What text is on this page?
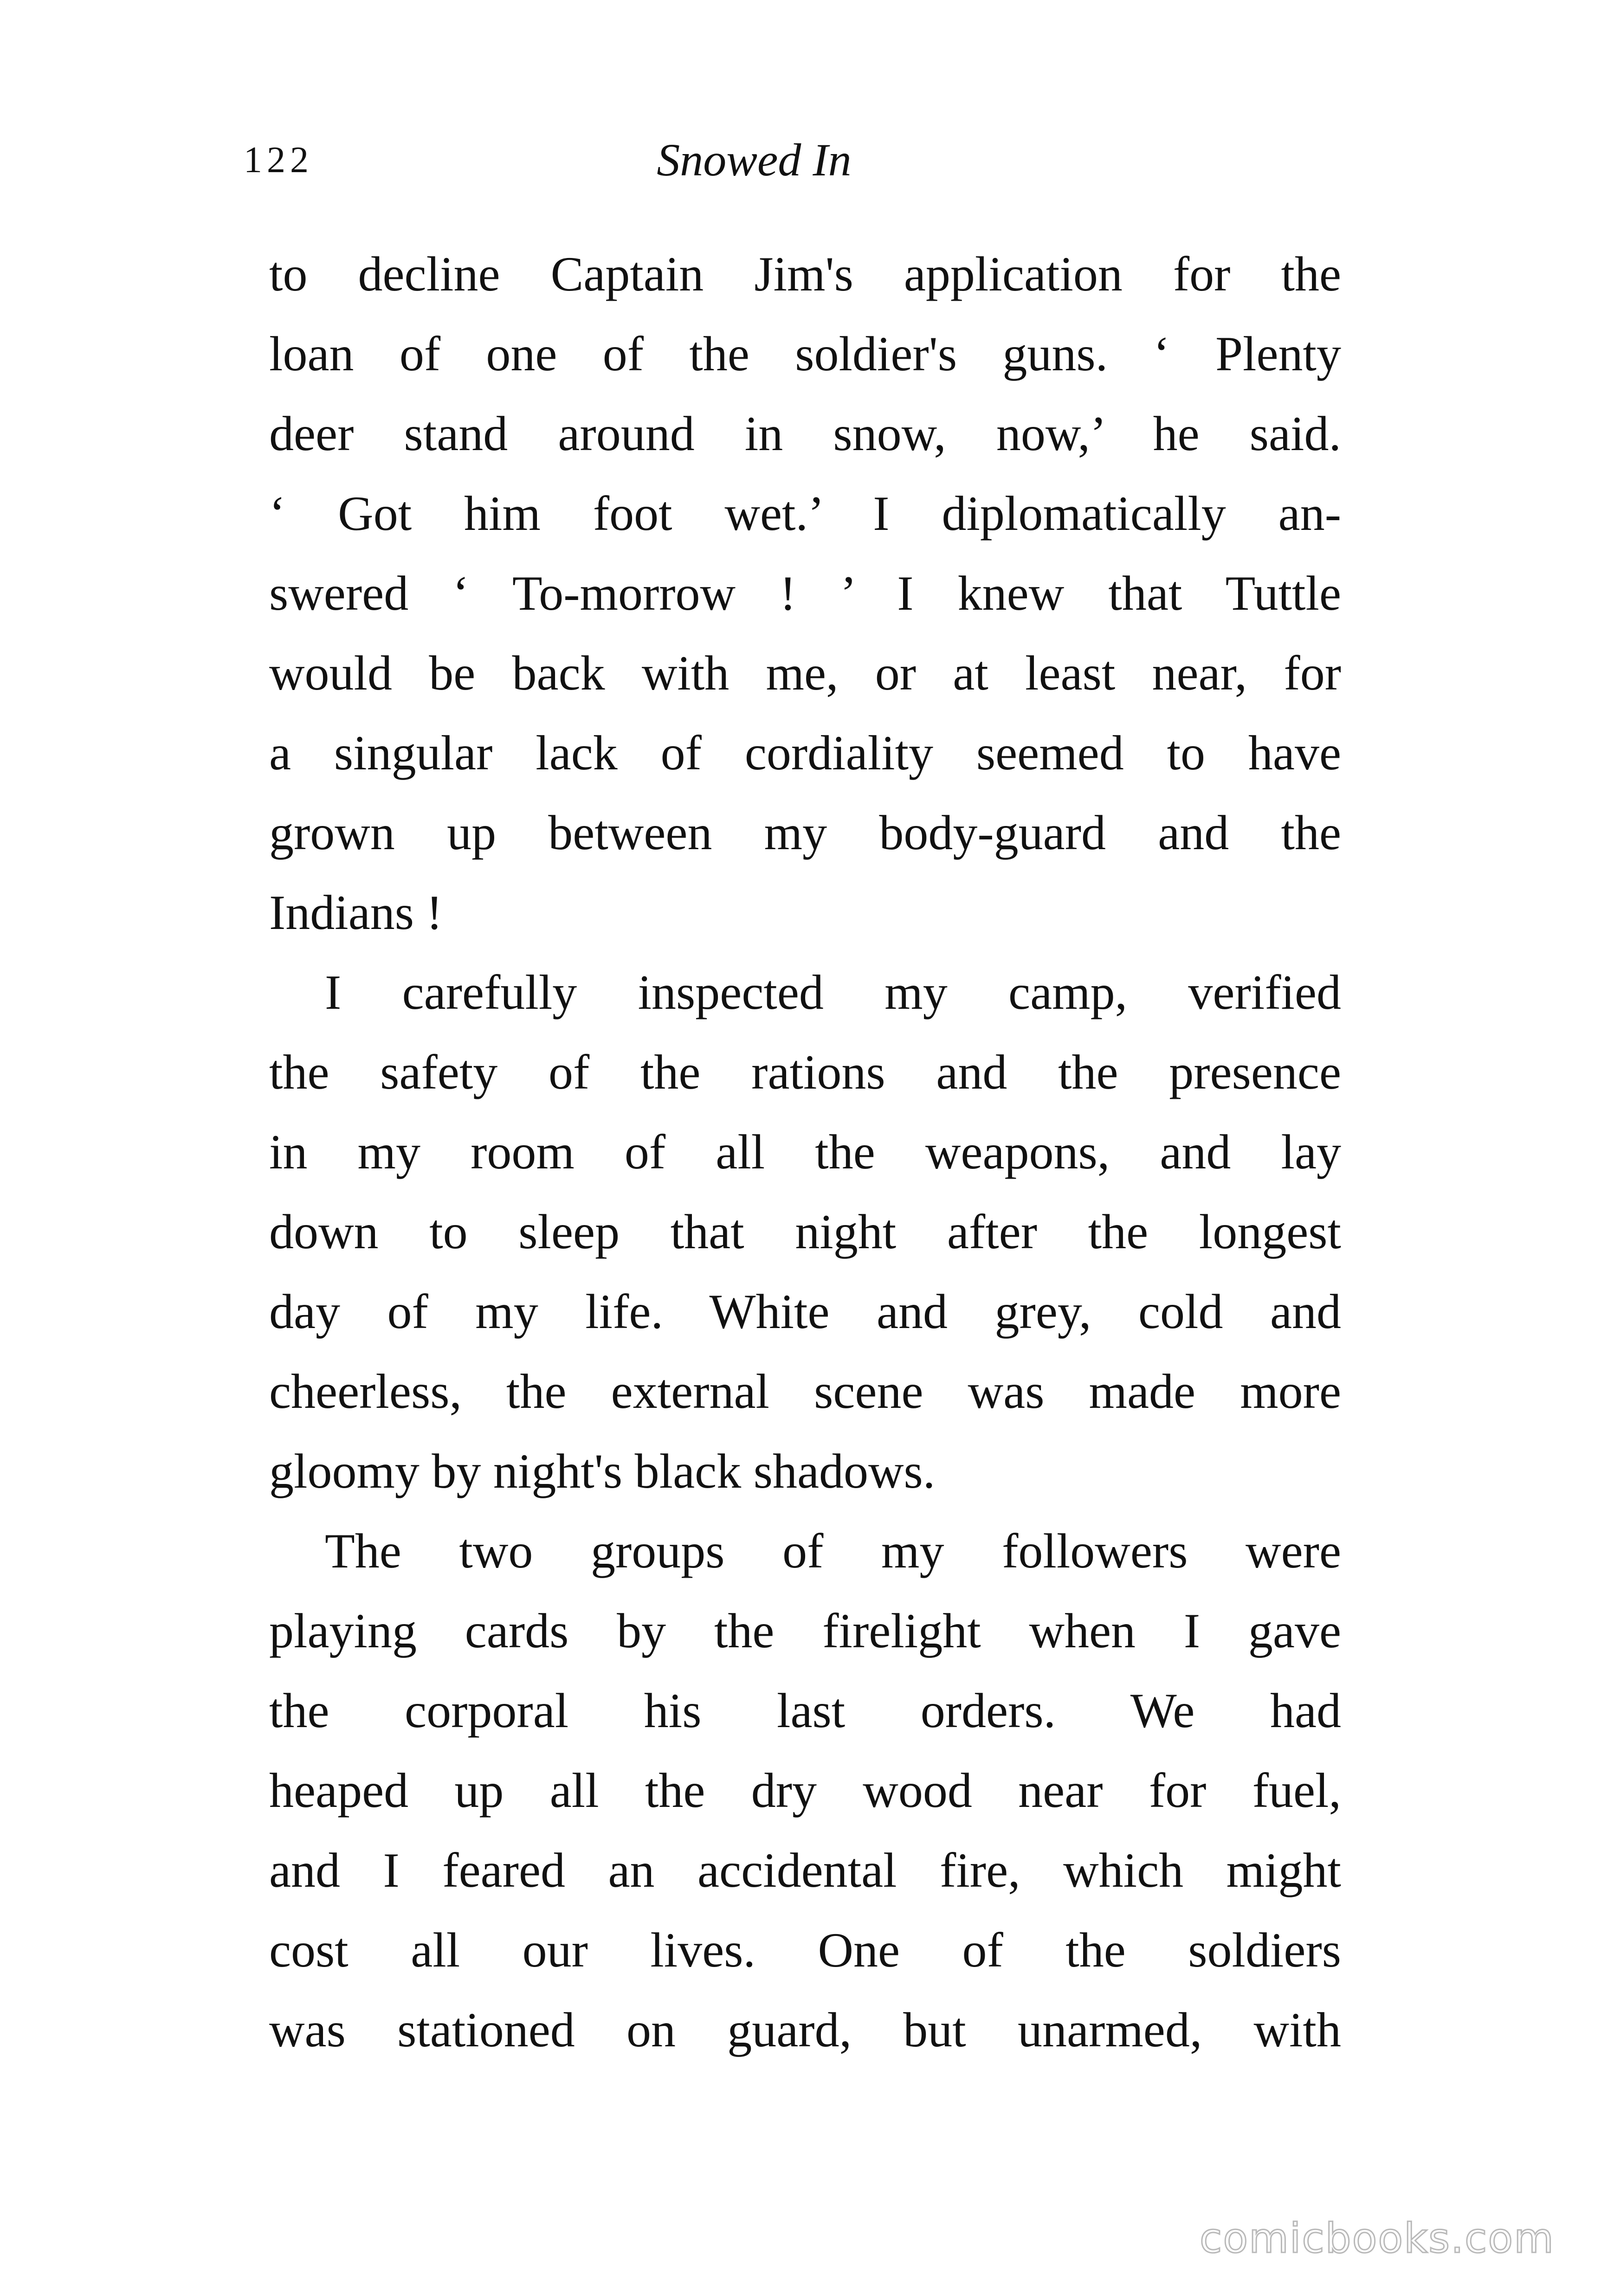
122	Snowed In
to decline Captain Jim's application for the
loan of one of the soldier's guns. ‘ Plenty
deer stand around in snow, now,’ he said.
‘ Got him foot wet.’ I diplomatically an-
swered ‘ To-morrow ! ’ I knew that Tuttle
would be back with me, or at least near, for
a singular lack of cordiality seemed to have
grown up between my body-guard and the
Indians !
I carefully inspected my camp, verified
the safety of the rations and the presence
in my room of all the weapons, and lay
down to sleep that night after the longest
day of my life. White and grey, cold and
cheerless, the external scene was made more
gloomy by night's black shadows.
The two groups of my followers were
playing cards by the firelight when I gave
the corporal his last orders. We had
heaped up all the dry wood near for fuel,
and I feared an accidental fire, which might
cost all our lives. One of the soldiers
was stationed on guard, but unarmed, with
comicbooks.com
